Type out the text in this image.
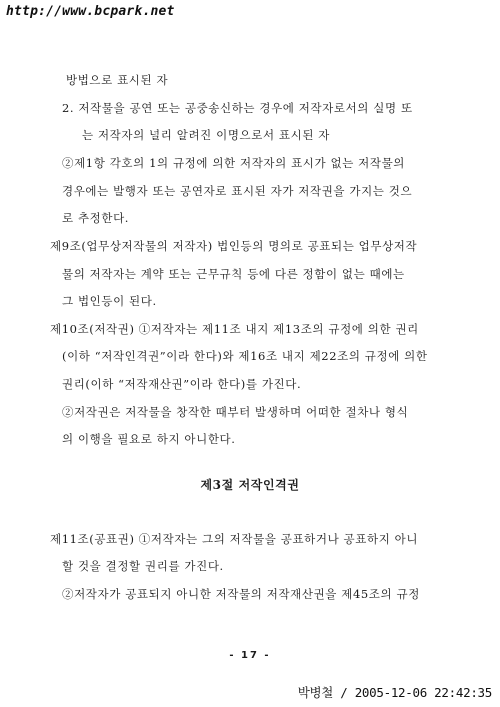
http://www.bcpark.net
방법으로 표시된 자
2. 저작물을 공연 또는 공중송신하는 경우에 저작자로서의 실명 또
는 저작자의 널리 알려진 이명으로서 표시된 자
②제1항 각호의 1의 규정에 의한 저작자의 표시가 없는 저작물의
경우에는 발행자 또는 공연자로 표시된 자가 저작권을 가지는 것으
로 추정한다.
제9조(업무상저작물의 저작자) 법인등의 명의로 공표되는 업무상저작
물의 저작자는 계약 또는 근무규칙 등에 다른 정함이 없는 때에는
그 법인등이 된다.
제10조(저작권) ①저작자는 제11조 내지 제13조의 규정에 의한 권리
(이하 “저작인격권”이라 한다)와 제16조 내지 제22조의 규정에 의한
권리(이하 “저작재산권”이라 한다)를 가진다.
②저작권은 저작물을 창작한 때부터 발생하며 어떠한 절차나 형식
의 이행을 필요로 하지 아니한다.
제3절 저작인격권
제11조(공표권) ①저작자는 그의 저작물을 공표하거나 공표하지 아니
할 것을 결정할 권리를 가진다.
②저작자가 공표되지 아니한 저작물의 저작재산권을 제45조의 규정
- 17 -
박병철 / 2005-12-06 22:42:35
